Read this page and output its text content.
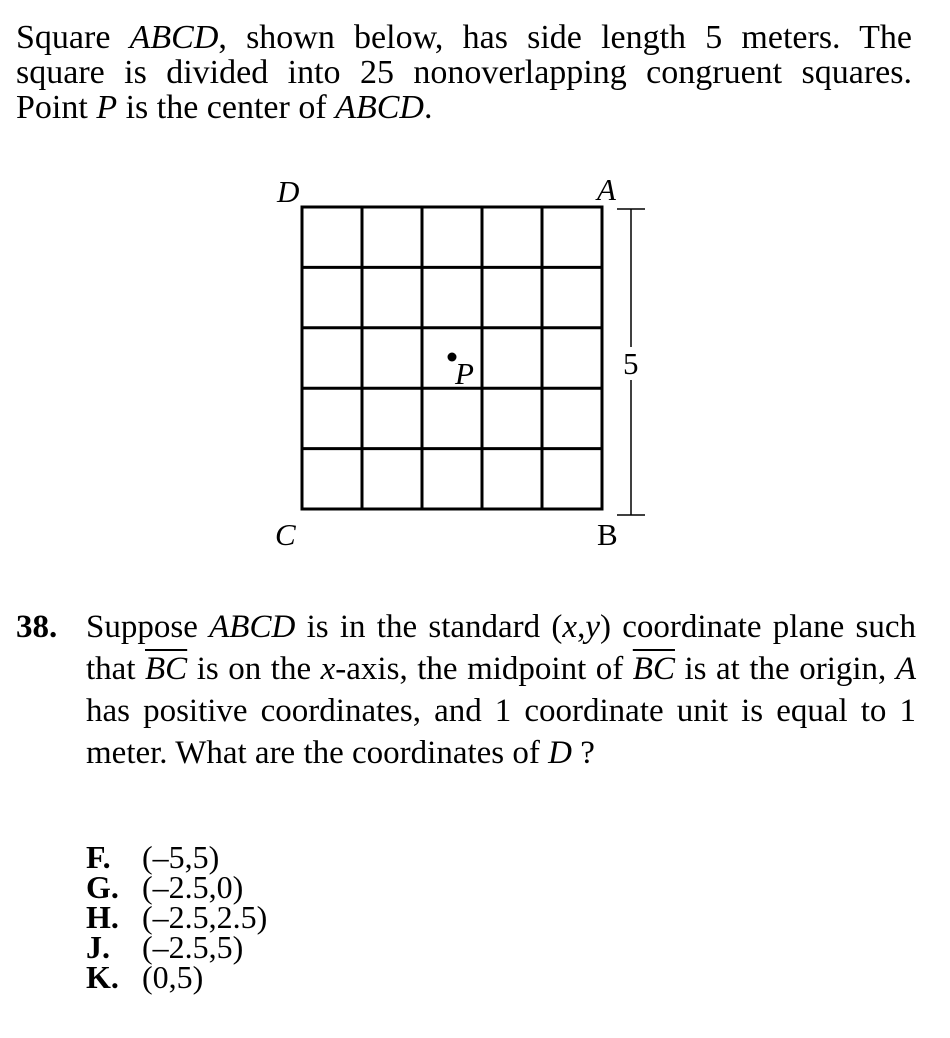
Square ABCD, shown below, has side length 5 meters. The square is divided into 25 nonoverlapping congruent squares. Point P is the center of ABCD.

D	A
C	B
P	5
38. Suppose ABCD is in the standard (x,y) coordinate plane such that $\overline{BC}$ is on the x-axis, the midpoint of $\overline{BC}$ is at the origin, A has positive coordinates, and 1 coordinate unit is equal to 1 meter. What are the coordinates of D ?
F. (–5,5)
G. (–2.5,0)
H. (–2.5,2.5)
J.	(–2.5,5)
K. (0,5)
